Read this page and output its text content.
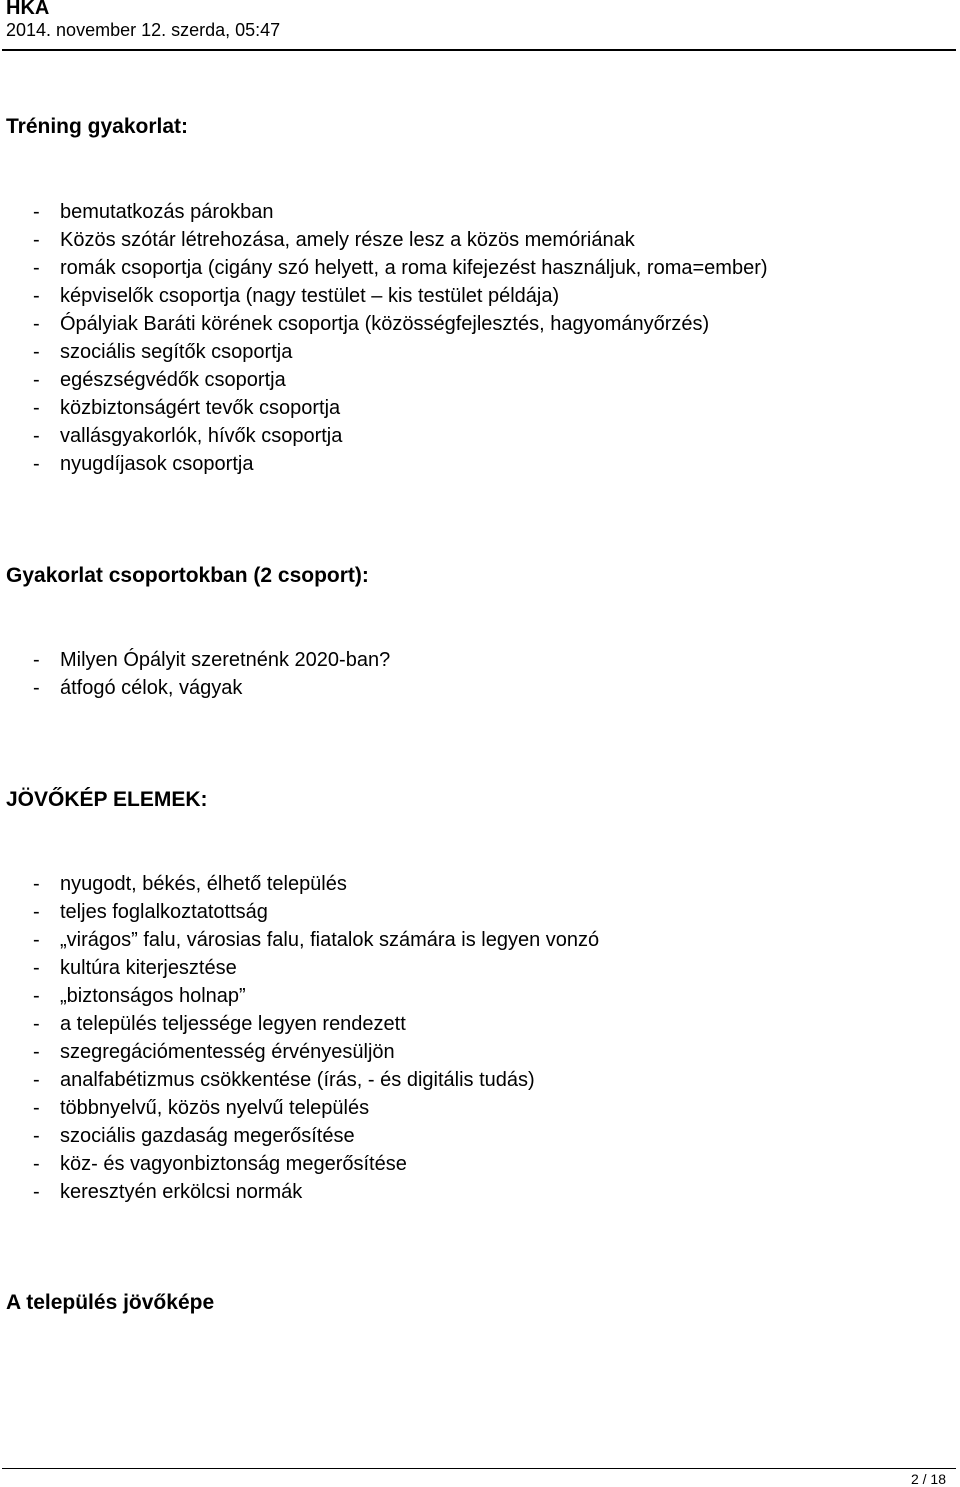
HKA
2014. november 12. szerda, 05:47
Tréning gyakorlat:
- bemutatkozás párokban
- Közös szótár létrehozása, amely része lesz a közös memóriának
- romák csoportja (cigány szó helyett, a roma kifejezést használjuk, roma=ember)
- képviselők csoportja (nagy testület – kis testület példája)
- Ópályiak Baráti körének csoportja (közösségfejlesztés, hagyományőrzés)
- szociális segítők csoportja
- egészségvédők csoportja
- közbiztonságért tevők csoportja
- vallásgyakorlók, hívők csoportja
- nyugdíjasok csoportja
Gyakorlat csoportokban (2 csoport):
- Milyen Ópályit szeretnénk 2020-ban?
- átfogó célok, vágyak
JÖVŐKÉP ELEMEK:
- nyugodt, békés, élhető település
- teljes foglalkoztatottság
- „virágos” falu, városias falu, fiatalok számára is legyen vonzó
- kultúra kiterjesztése
- „biztonságos holnap”
- a település teljessége legyen rendezett
- szegregációmentesség érvényesüljön
- analfabétizmus csökkentése (írás, - és digitális tudás)
- többnyelvű, közös nyelvű település
- szociális gazdaság megerősítése
- köz- és vagyonbiztonság megerősítése
- keresztyén erkölcsi normák
A település jövőképe
2 / 18
